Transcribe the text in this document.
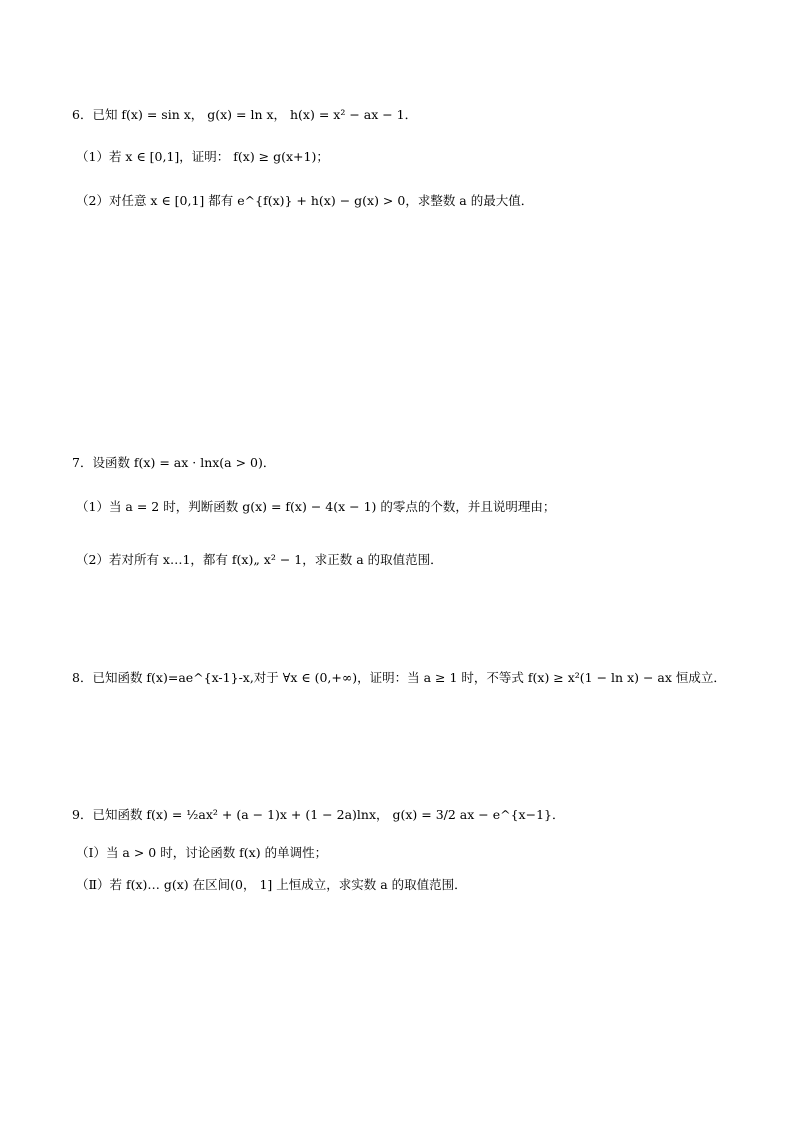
6．已知 f(x) = sin x， g(x) = ln x， h(x) = x² − ax − 1．
（1）若 x ∈ [0,1]，证明： f(x) ≥ g(x+1)；
（2）对任意 x ∈ [0,1] 都有 e^{f(x)} + h(x) − g(x) > 0，求整数 a 的最大值．
7．设函数 f(x) = ax · lnx(a > 0)．
（1）当 a = 2 时，判断函数 g(x) = f(x) − 4(x − 1) 的零点的个数，并且说明理由；
（2）若对所有 x…1，都有 f(x)„ x² − 1，求正数 a 的取值范围．
8．已知函数 f(x)=ae^{x-1}-x,对于 ∀x ∈ (0,+∞)，证明：当 a ≥ 1 时，不等式 f(x) ≥ x²(1 − ln x) − ax 恒成立．
9．已知函数 f(x) = ½ax² + (a − 1)x + (1 − 2a)lnx， g(x) = 3/2 ax − e^{x−1}．
（Ⅰ）当 a > 0 时，讨论函数 f(x) 的单调性；
（Ⅱ）若 f(x)… g(x) 在区间(0， 1] 上恒成立，求实数 a 的取值范围．
